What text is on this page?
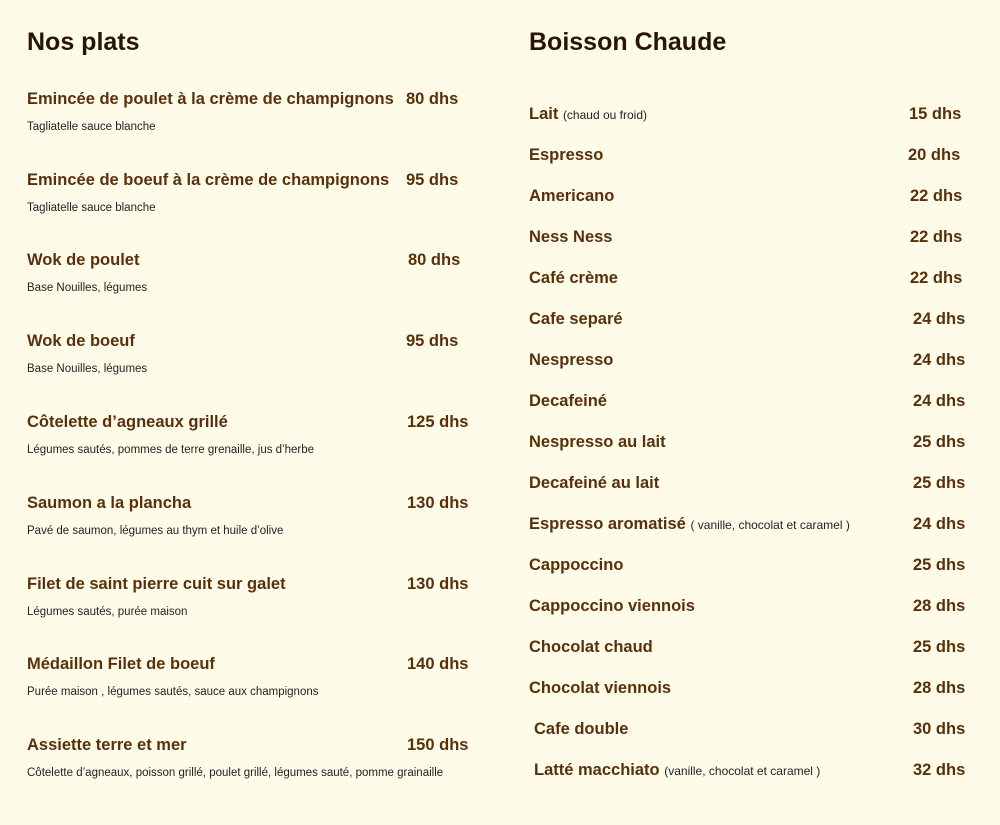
Nos plats
Emincée de poulet à la crème de champignons 80 dhs
Tagliatelle sauce blanche
Emincée de boeuf à la crème de champignons 95 dhs
Tagliatelle sauce blanche
Wok de poulet	80 dhs
Base Nouilles, légumes
Wok de boeuf	95 dhs
Base Nouilles, légumes
Côtelette d’agneaux grillé	125 dhs
Légumes sautés, pommes de terre grenaille, jus d’herbe
Saumon a la plancha	130 dhs
Pavé de saumon, légumes au thym et huile d’olive
Filet de saint pierre cuit sur galet	130 dhs
Légumes sautés, purée maison
Médaillon Filet de boeuf	140 dhs
Purée maison , légumes sautés, sauce aux champignons
Assiette terre et mer	150 dhs
Côtelette d’agneaux, poisson grillé, poulet grillé, légumes sauté, pomme grainaille
Boisson Chaude
Lait (chaud ou froid)	15 dhs
Espresso	20 dhs
Americano	22 dhs
Ness Ness	22 dhs
Café crème	22 dhs
Cafe separé	24 dhs
Nespresso	24 dhs
Decafeiné	24 dhs
Nespresso au lait	25 dhs
Decafeiné au lait	25 dhs
Espresso aromatisé ( vanille, chocolat et caramel )	24 dhs
Cappoccino	25 dhs
Cappoccino viennois	28 dhs
Chocolat chaud	25 dhs
Chocolat viennois	28 dhs
Cafe double	30 dhs
Latté macchiato (vanille, chocolat et caramel )	32 dhs
